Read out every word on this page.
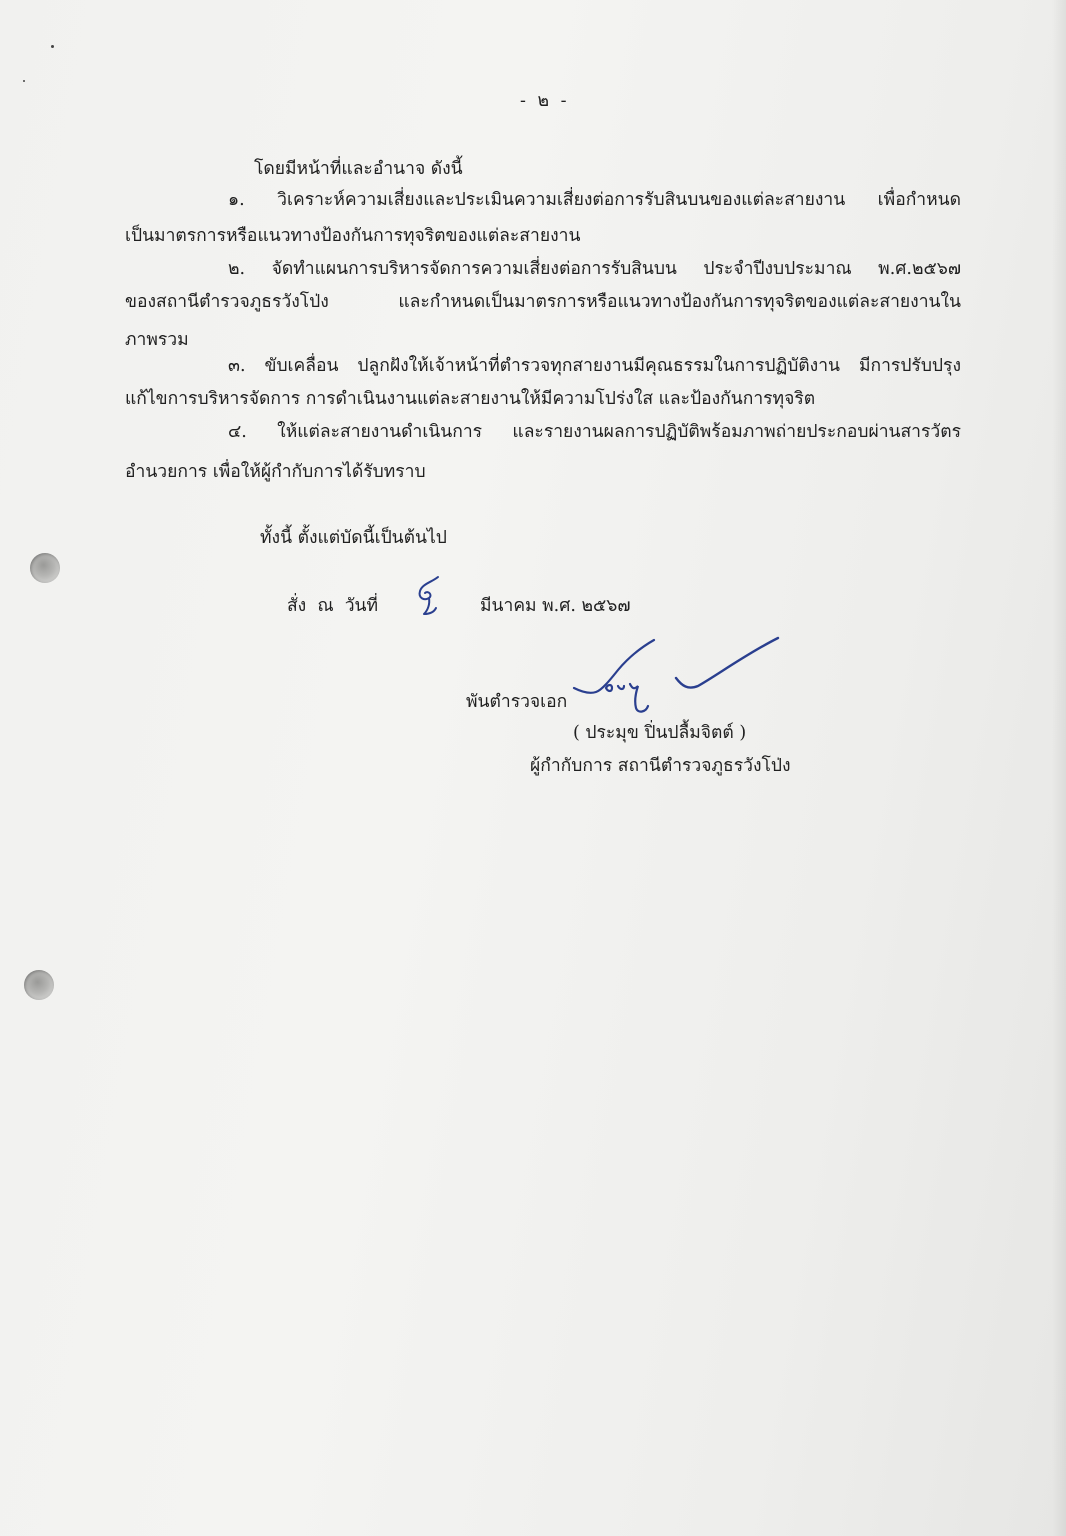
- ๒ -
โดยมีหน้าที่และอำนาจ ดังนี้
๑. วิเคราะห์ความเสี่ยงและประเมินความเสี่ยงต่อการรับสินบนของแต่ละสายงาน เพื่อกำหนด
เป็นมาตรการหรือแนวทางป้องกันการทุจริตของแต่ละสายงาน
๒. จัดทำแผนการบริหารจัดการความเสี่ยงต่อการรับสินบน ประจำปีงบประมาณ พ.ศ.๒๕๖๗
ของสถานีตำรวจภูธรวังโป่ง และกำหนดเป็นมาตรการหรือแนวทางป้องกันการทุจริตของแต่ละสายงานใน
ภาพรวม
๓. ขับเคลื่อน ปลูกฝังให้เจ้าหน้าที่ตำรวจทุกสายงานมีคุณธรรมในการปฏิบัติงาน มีการปรับปรุง
แก้ไขการบริหารจัดการ การดำเนินงานแต่ละสายงานให้มีความโปร่งใส และป้องกันการทุจริต
๔. ให้แต่ละสายงานดำเนินการ และรายงานผลการปฏิบัติพร้อมภาพถ่ายประกอบผ่านสารวัตร
อำนวยการ เพื่อให้ผู้กำกับการได้รับทราบ
ทั้งนี้ ตั้งแต่บัดนี้เป็นต้นไป
สั่ง  ณ  วันที่	มีนาคม พ.ศ. ๒๕๖๗
พันตำรวจเอก
( ประมุข ปิ่นปลื้มจิตต์ )
ผู้กำกับการ สถานีตำรวจภูธรวังโป่ง
